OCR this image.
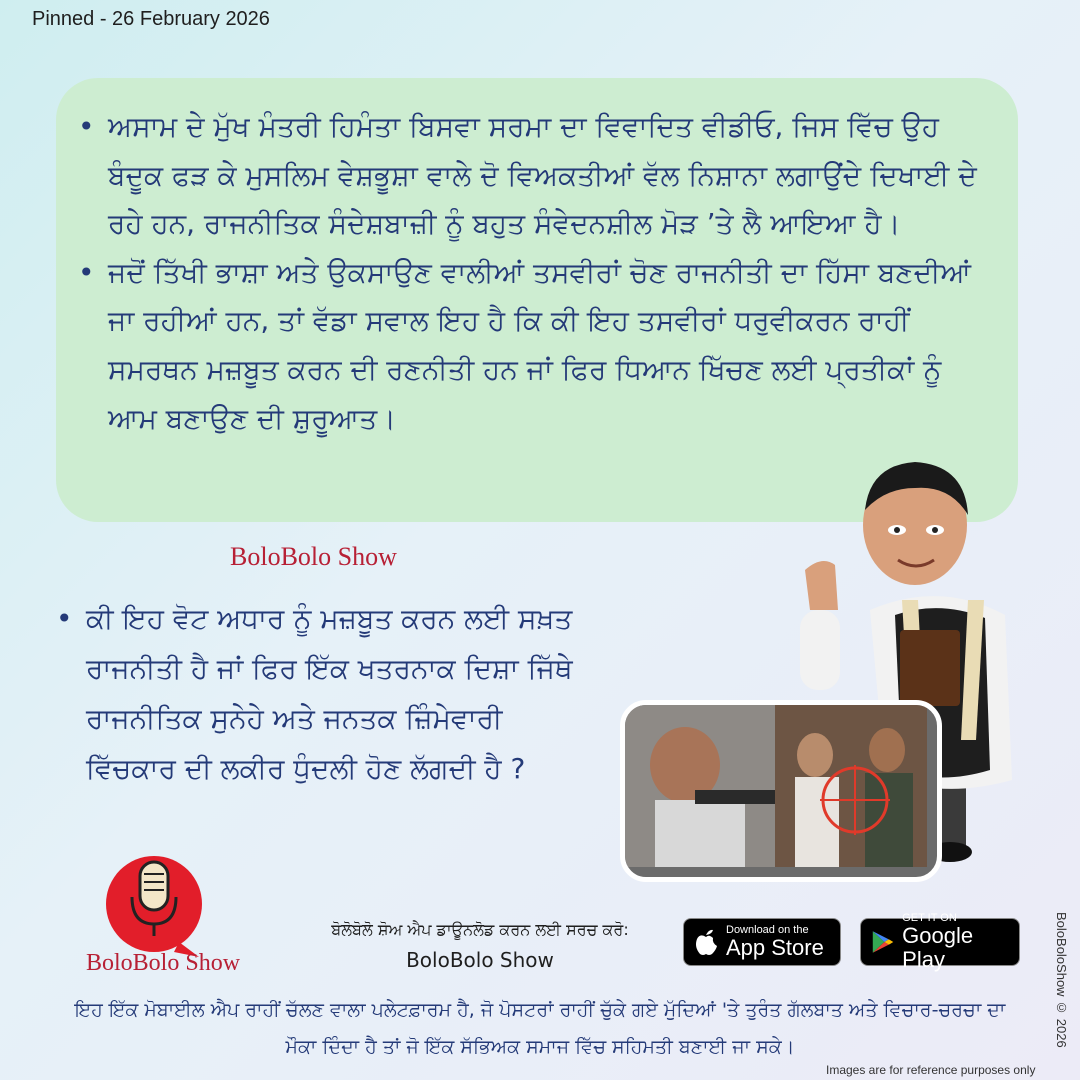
Pinned - 26 February 2026
• ਅਸਾਮ ਦੇ ਮੁੱਖ ਮੰਤਰੀ ਹਿਮੰਤਾ ਬਿਸਵਾ ਸਰਮਾ ਦਾ ਵਿਵਾਦਿਤ ਵੀਡੀਓ, ਜਿਸ ਵਿੱਚ ਉਹ ਬੰਦੂਕ ਫੜ ਕੇ ਮੁਸਲਿਮ ਵੇਸ਼ਭੂਸ਼ਾ ਵਾਲੇ ਦੋ ਵਿਅਕਤੀਆਂ ਵੱਲ ਨਿਸ਼ਾਨਾ ਲਗਾਉਂਦੇ ਦਿਖਾਈ ਦੇ ਰਹੇ ਹਨ, ਰਾਜਨੀਤਿਕ ਸੰਦੇਸ਼ਬਾਜ਼ੀ ਨੂੰ ਬਹੁਤ ਸੰਵੇਦਨਸ਼ੀਲ ਮੋੜ ’ਤੇ ਲੈ ਆਇਆ ਹੈ।
• ਜਦੋਂ ਤਿੱਖੀ ਭਾਸ਼ਾ ਅਤੇ ਉਕਸਾਉਣ ਵਾਲੀਆਂ ਤਸਵੀਰਾਂ ਚੋਣ ਰਾਜਨੀਤੀ ਦਾ ਹਿੱਸਾ ਬਣਦੀਆਂ ਜਾ ਰਹੀਆਂ ਹਨ, ਤਾਂ ਵੱਡਾ ਸਵਾਲ ਇਹ ਹੈ ਕਿ ਕੀ ਇਹ ਤਸਵੀਰਾਂ ਧਰੁਵੀਕਰਨ ਰਾਹੀਂ ਸਮਰਥਨ ਮਜ਼ਬੂਤ ਕਰਨ ਦੀ ਰਣਨੀਤੀ ਹਨ ਜਾਂ ਫਿਰ ਧਿਆਨ ਖਿੱਚਣ ਲਈ ਪ੍ਰਤੀਕਾਂ ਨੂੰ ਆਮ ਬਣਾਉਣ ਦੀ ਸ਼ੁਰੂਆਤ।
BoloBolo Show
• ਕੀ ਇਹ ਵੋਟ ਅਧਾਰ ਨੂੰ ਮਜ਼ਬੂਤ ਕਰਨ ਲਈ ਸਖ਼ਤ ਰਾਜਨੀਤੀ ਹੈ ਜਾਂ ਫਿਰ ਇੱਕ ਖਤਰਨਾਕ ਦਿਸ਼ਾ ਜਿੱਥੇ ਰਾਜਨੀਤਿਕ ਸੁਨੇਹੇ ਅਤੇ ਜਨਤਕ ਜ਼ਿੰਮੇਵਾਰੀ ਵਿੱਚਕਾਰ ਦੀ ਲਕੀਰ ਧੁੰਦਲੀ ਹੋਣ ਲੱਗਦੀ ਹੈ ?
BoloBolo Show
ਬੋਲੋਬੋਲੋ ਸ਼ੋਅ ਐਪ ਡਾਊਨਲੋਡ ਕਰਨ ਲਈ ਸਰਚ ਕਰੋ:
BoloBolo Show
Download on the
App Store
GET IT ON
Google Play
ਇਹ ਇੱਕ ਮੋਬਾਈਲ ਐਪ ਰਾਹੀਂ ਚੱਲਣ ਵਾਲਾ ਪਲੇਟਫ਼ਾਰਮ ਹੈ, ਜੋ ਪੋਸਟਰਾਂ ਰਾਹੀਂ ਚੁੱਕੇ ਗਏ ਮੁੱਦਿਆਂ 'ਤੇ ਤੁਰੰਤ ਗੱਲਬਾਤ ਅਤੇ ਵਿਚਾਰ-ਚਰਚਾ ਦਾ ਮੌਕਾ ਦਿੰਦਾ ਹੈ ਤਾਂ ਜੋ ਇੱਕ ਸੱਭਿਅਕ ਸਮਾਜ ਵਿੱਚ ਸਹਿਮਤੀ ਬਣਾਈ ਜਾ ਸਕੇ।	BoloBoloShow © 2026
Images are for reference purposes only
